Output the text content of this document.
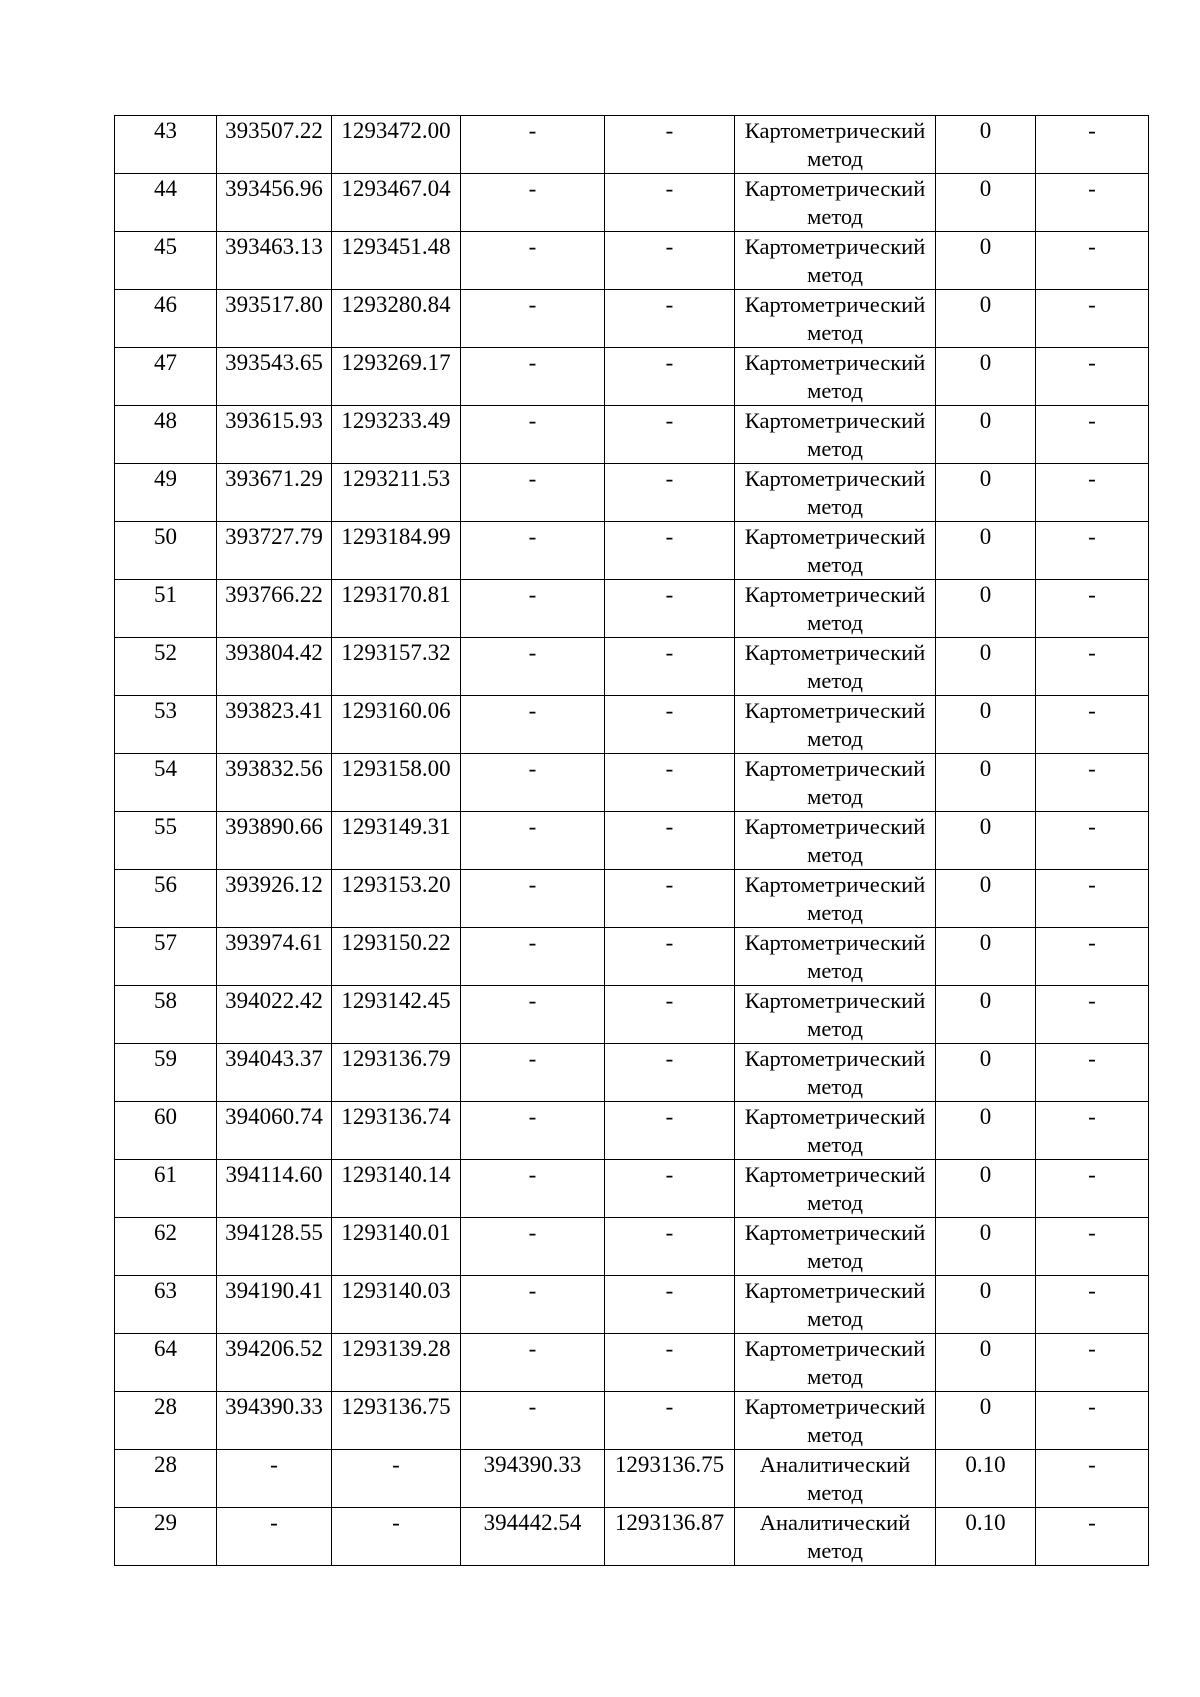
43	393507.22	1293472.00	-	-	Картометрический метод	0	-
44	393456.96	1293467.04	-	-	Картометрический метод	0	-
45	393463.13	1293451.48	-	-	Картометрический метод	0	-
46	393517.80	1293280.84	-	-	Картометрический метод	0	-
47	393543.65	1293269.17	-	-	Картометрический метод	0	-
48	393615.93	1293233.49	-	-	Картометрический метод	0	-
49	393671.29	1293211.53	-	-	Картометрический метод	0	-
50	393727.79	1293184.99	-	-	Картометрический метод	0	-
51	393766.22	1293170.81	-	-	Картометрический метод	0	-
52	393804.42	1293157.32	-	-	Картометрический метод	0	-
53	393823.41	1293160.06	-	-	Картометрический метод	0	-
54	393832.56	1293158.00	-	-	Картометрический метод	0	-
55	393890.66	1293149.31	-	-	Картометрический метод	0	-
56	393926.12	1293153.20	-	-	Картометрический метод	0	-
57	393974.61	1293150.22	-	-	Картометрический метод	0	-
58	394022.42	1293142.45	-	-	Картометрический метод	0	-
59	394043.37	1293136.79	-	-	Картометрический метод	0	-
60	394060.74	1293136.74	-	-	Картометрический метод	0	-
61	394114.60	1293140.14	-	-	Картометрический метод	0	-
62	394128.55	1293140.01	-	-	Картометрический метод	0	-
63	394190.41	1293140.03	-	-	Картометрический метод	0	-
64	394206.52	1293139.28	-	-	Картометрический метод	0	-
28	394390.33	1293136.75	-	-	Картометрический метод	0	-
28	-	-	394390.33	1293136.75	Аналитический метод	0.10	-
29	-	-	394442.54	1293136.87	Аналитический метод	0.10	-
